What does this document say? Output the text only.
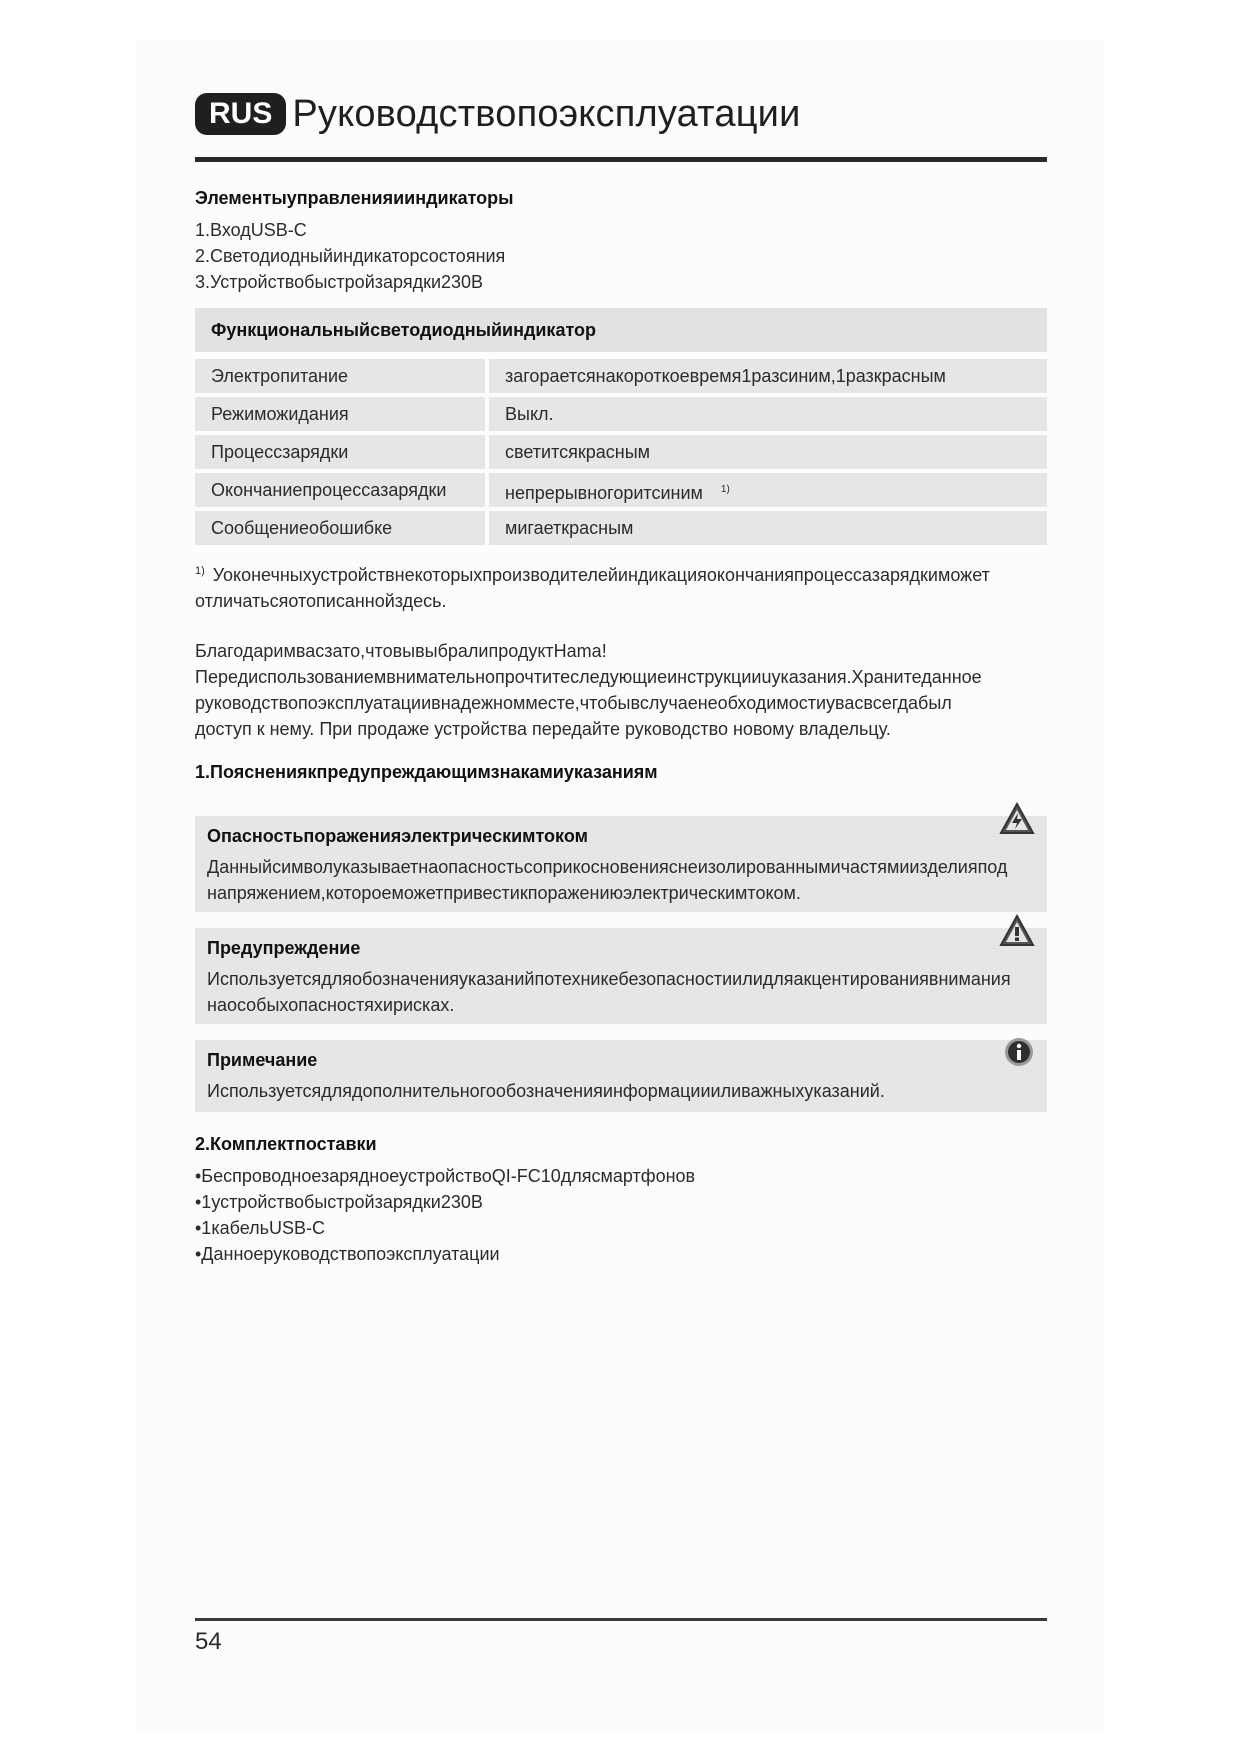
RUS Руководствопоэксплуатации
Элементыуправленияииндикаторы
1.ВходUSB-C
2.Светодиодныйиндикаторсостояния
3.Устройствобыстройзарядки230В
Функциональныйсветодиодныйиндикатор
Электропитание	загораетсянакороткоевремя1разсиним,1разкрасным
Режиможидания	Выкл.
Процессзарядки	светитсякрасным
Окончаниепроцессазарядки	непрерывногоритсиним $^{1)}$
Сообщениеобошибке	мигаеткрасным
$^{1)}$ Уоконечныхустройствнекоторыхпроизводителейиндикацияокончанияпроцессазарядкиможет
отличатьсяотописаннойздесь.
Благодаримвасзато,чтовывыбралипродуктHama!
Передиспользованиемвнимательнопрочтитеследующиеинструкцииuуказания.Хранитеданное
руководствопоэксплуатациивнадежномместе,чтобывслучаенеобходимостиувасвсегдабыл
доступ к нему. При продаже устройства передайте руководство новому владельцу.
1.Пояснениякпредупреждающимзнакамиуказаниям
Опасностьпораженияэлектрическимтоком
Данныйсимволуказываетнаопасностьсоприкосновенияснеизолированнымичастямиизделияпод
напряжением,котороеможетпривестикпоражениюэлектрическимтоком.
Предупреждение
Используетсядляобозначенияуказанийпотехникебезопасностиилидляакцентированиявнимания
наособыхопасностяхирисках.
Примечание
Используетсядлядополнительногообозначенияинформациииливажныхуказаний.
2.Комплектпоставки
•БеспроводноезарядноеустройствоQI-FC10длясмартфонов
•1устройствобыстройзарядки230В
•1кабельUSB-C
•Данноеруководствопоэксплуатации
54
